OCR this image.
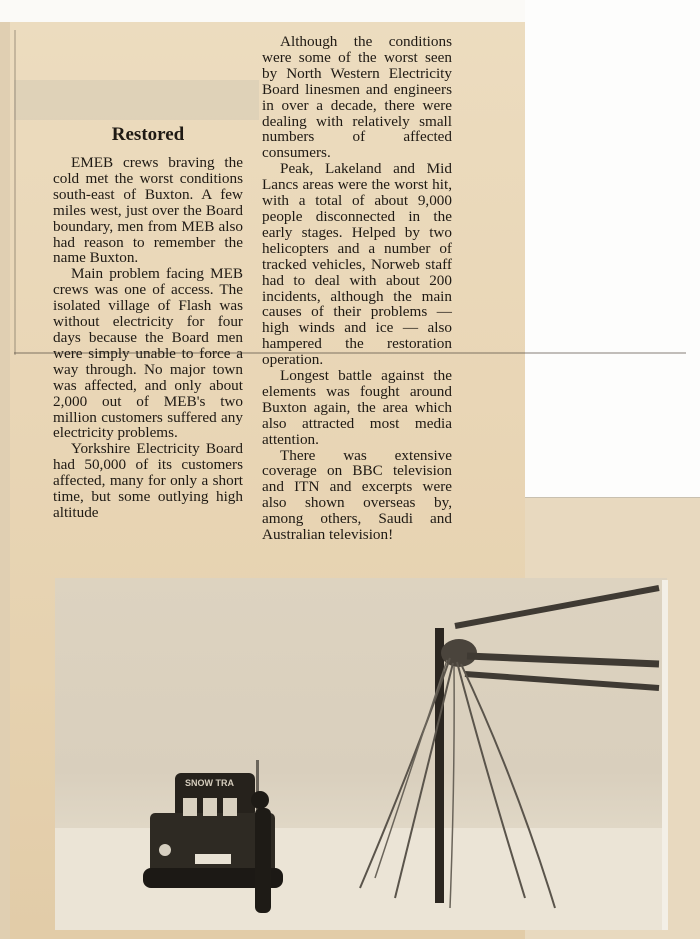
Restored

EMEB crews braving the cold met the worst conditions south-east of Buxton. A few miles west, just over the Board boundary, men from MEB also had reason to remember the name Buxton.

Main problem facing MEB crews was one of access. The isolated village of Flash was without electricity for four days because the Board men were simply unable to force a way through. No major town was affected, and only about 2,000 out of MEB's two million customers suffered any electricity problems.

Yorkshire Electricity Board had 50,000 of its customers affected, many for only a short time, but some outlying high altitude

Although the conditions were some of the worst seen by North Western Electricity Board linesmen and engineers in over a decade, there were dealing with relatively small numbers of affected consumers.

Peak, Lakeland and Mid Lancs areas were the worst hit, with a total of about 9,000 people disconnected in the early stages. Helped by two helicopters and a number of tracked vehicles, Norweb staff had to deal with about 200 incidents, although the main causes of their problems — high winds and ice — also hampered the restoration operation.

Longest battle against the elements was fought around Buxton again, the area which also attracted most media attention.

There was extensive coverage on BBC television and ITN and excerpts were also shown overseas by, among others, Saudi and Australian television!

SNOW TRA
